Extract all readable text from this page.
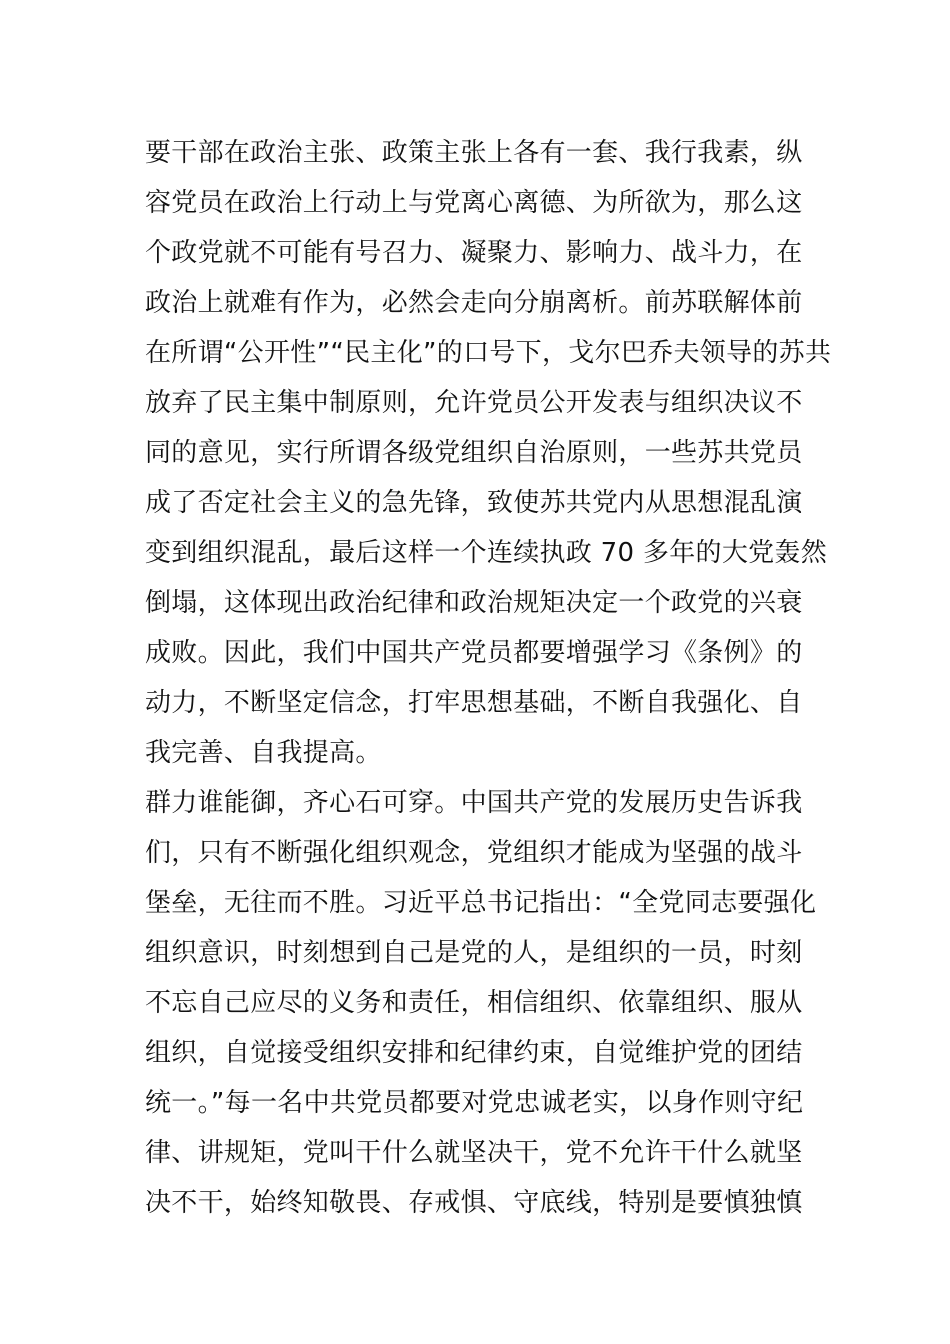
要干部在政治主张、政策主张上各有一套、我行我素，纵
容党员在政治上行动上与党离心离德、为所欲为，那么这
个政党就不可能有号召力、凝聚力、影响力、战斗力，在
政治上就难有作为，必然会走向分崩离析。前苏联解体前
在所谓“公开性”“民主化”的口号下，戈尔巴乔夫领导的苏共
放弃了民主集中制原则，允许党员公开发表与组织决议不
同的意见，实行所谓各级党组织自治原则，一些苏共党员
成了否定社会主义的急先锋，致使苏共党内从思想混乱演
变到组织混乱，最后这样一个连续执政 70 多年的大党轰然
倒塌，这体现出政治纪律和政治规矩决定一个政党的兴衰
成败。因此，我们中国共产党员都要增强学习《条例》的
动力，不断坚定信念，打牢思想基础，不断自我强化、自
我完善、自我提高。
群力谁能御，齐心石可穿。中国共产党的发展历史告诉我
们，只有不断强化组织观念，党组织才能成为坚强的战斗
堡垒，无往而不胜。习近平总书记指出：“全党同志要强化
组织意识，时刻想到自己是党的人，是组织的一员，时刻
不忘自己应尽的义务和责任，相信组织、依靠组织、服从
组织，自觉接受组织安排和纪律约束，自觉维护党的团结
统一。”每一名中共党员都要对党忠诚老实，以身作则守纪
律、讲规矩，党叫干什么就坚决干，党不允许干什么就坚
决不干，始终知敬畏、存戒惧、守底线，特别是要慎独慎
